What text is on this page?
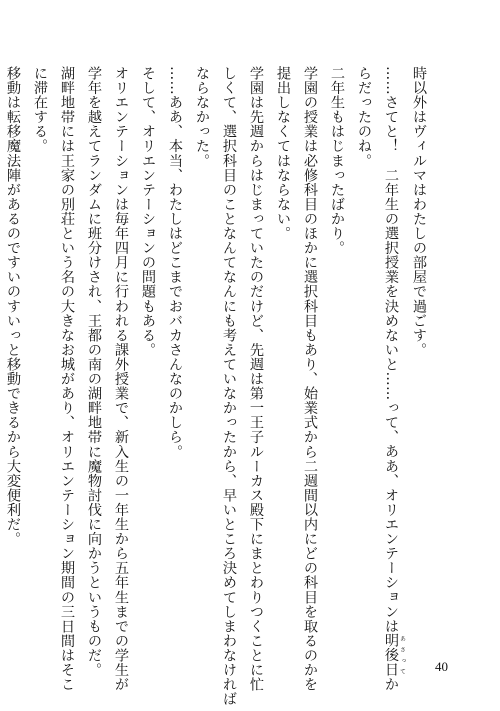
時以外はヴィルマはわたしの部屋で過ごす。
……さてと！　二年生の選択授業を決めないと……って、ああ、オリエンテーションは明後日 あさってか
らだったのね。
二年生もはじまったばかり。
学園の授業は必修科目のほかに選択科目もあり、始業式から二週間以内にどの科目を取るのかを
提出しなくてはならない。
学園は先週からはじまっていたのだけど、先週は第一王子ルーカス殿下にまとわりつくことに忙
しくて、選択科目のことなんてなんにも考えていなかったから、早いところ決めてしまわなければ
ならなかった。
……ああ、本当、わたしはどこまでおバカさんなのかしら。
そして、オリエンテーションの問題もある。
オリエンテーションは毎年四月に行われる課外授業で、新入生の一年生から五年生までの学生が
学年を越えてランダムに班分けされ、王都の南の湖畔地帯に魔物討伐に向かうというものだ。
湖畔地帯には王家の別荘という名の大きなお城があり、オリエンテーション期間の三日間はそこ
に滞在する。
移動は転移魔法陣があるのですいのすいっと移動できるから大変便利だ。
40
